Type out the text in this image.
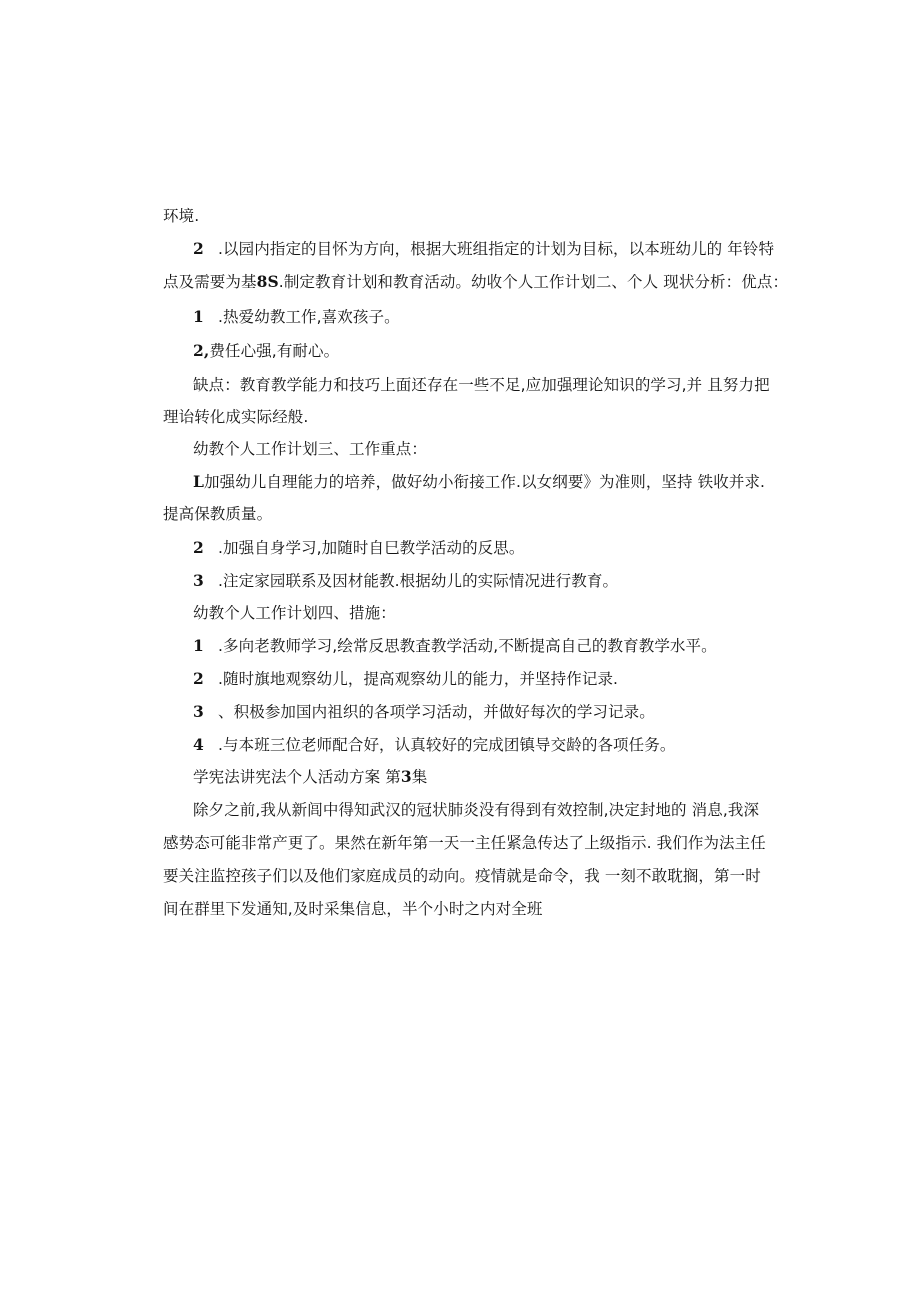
环境.
2 .以园内指定的目怀为方向，根据大班组指定的计划为目标，以本班幼儿的 年铃特
点及需要为基8S.制定教育计划和教育活动。幼收个人工作计划二、个人 现状分析：优点：
1 .热爱幼教工作,喜欢孩子。
2,费任心强,有耐心。
缺点：教育教学能力和技巧上面还存在一些不足,应加强理论知识的学习,并 且努力把
理诒转化成实际经般.
幼教个人工作计划三、工作重点：
L加强幼儿自理能力的培养，做好幼小衔接工作.以女纲要》为准则，坚持 铁收并求.
提高保教质量。
2 .加强自身学习,加随时自巳教学活动的反思。
3 .注定家园联系及因材能教.根据幼儿的实际情况进行教育。
幼教个人工作计划四、措施：
1 .多向老教师学习,绘常反思教査教学活动,不断提高自己的教育教学水平。
2 .随时旗地观察幼儿，提高观察幼儿的能力，并坚持作记录.
3 、积极参加国内祖织的各项学习活动，并做好每次的学习记录。
4 .与本班三位老师配合好，认真较好的完成团镇导交龄的各项任务。
学宪法讲宪法个人活动方案 第3集
除夕之前,我从新闾中得知武汉的冠状肺炎没有得到有效控制,决定封地的 消息,我深
感势态可能非常产更了。果然在新年第一天一主任紧急传达了上级指示. 我们作为法主任
要关注监控孩子们以及他们家庭成员的动向。疫情就是命令，我 一刻不敢耽搁，第一时
间在群里下发通知,及时采集信息，半个小时之内对全班
